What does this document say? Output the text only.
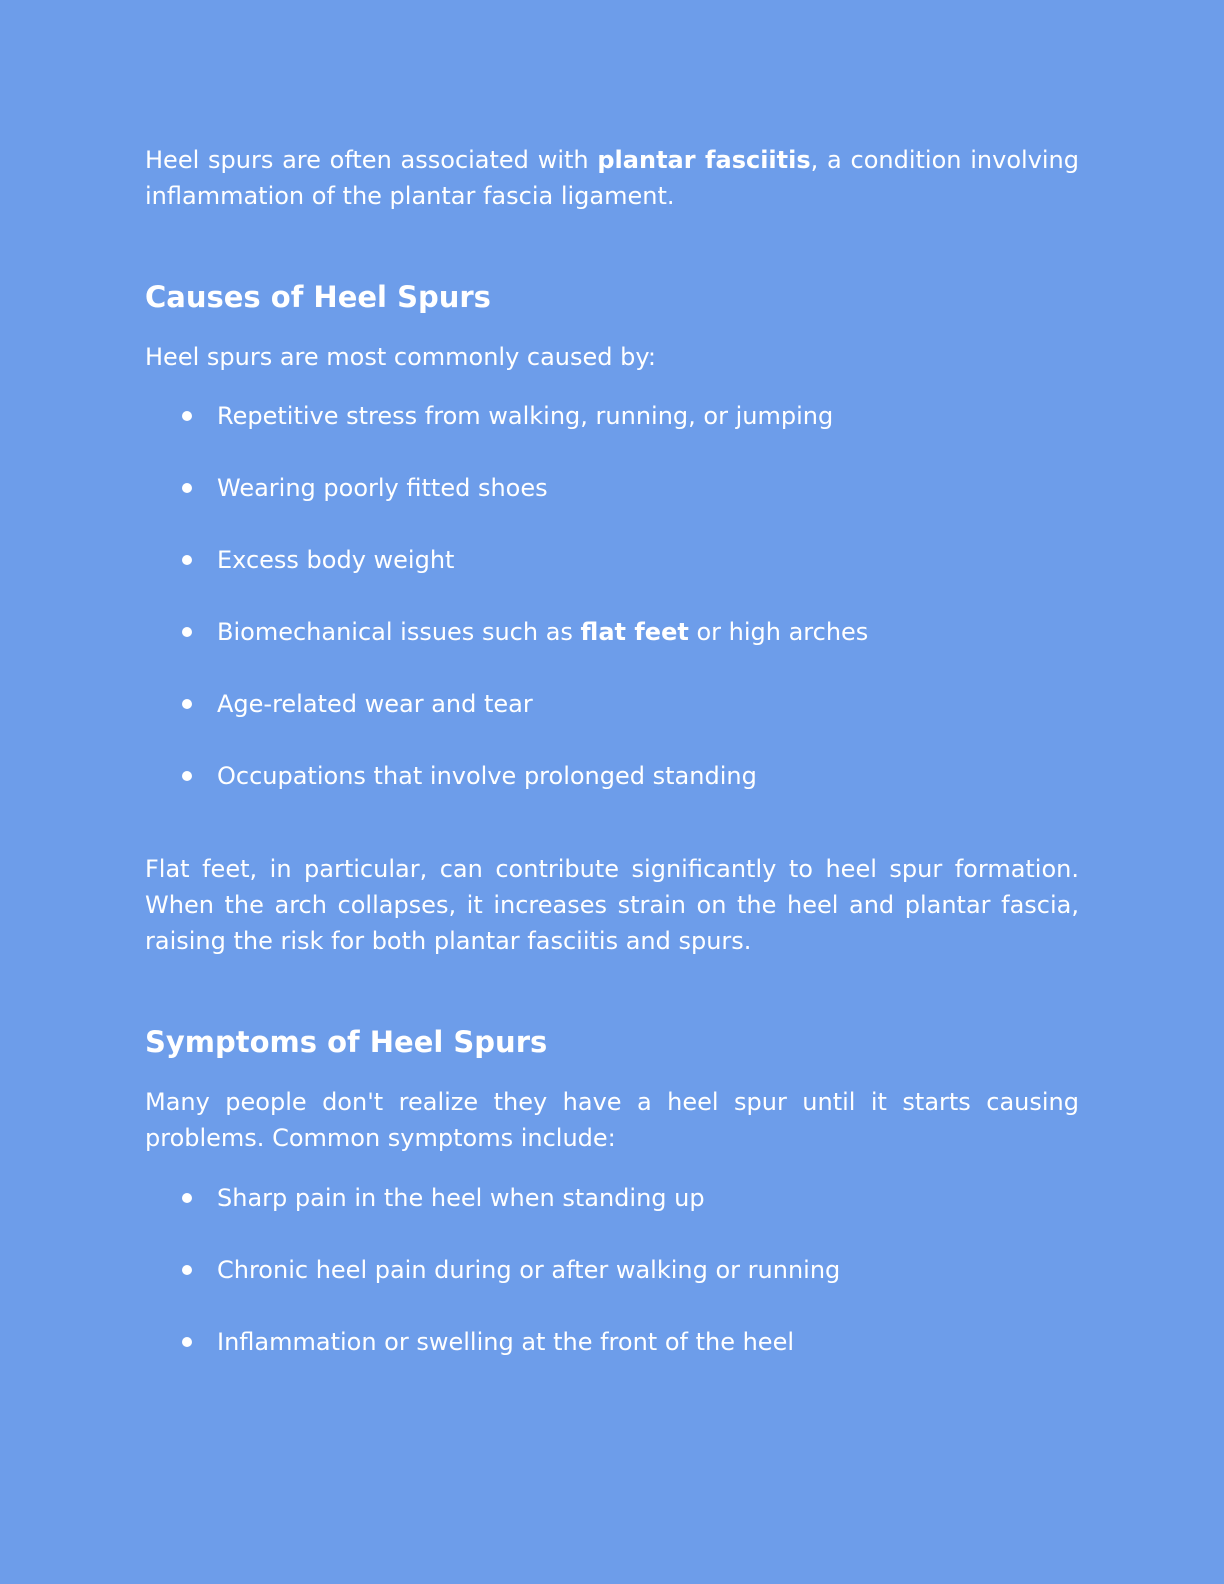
Heel spurs are often associated with plantar fasciitis, a condition involving inflammation of the plantar fascia ligament.

Causes of Heel Spurs

Heel spurs are most commonly caused by:

Repetitive stress from walking, running, or jumping
Wearing poorly fitted shoes
Excess body weight
Biomechanical issues such as flat feet or high arches
Age-related wear and tear
Occupations that involve prolonged standing

Flat feet, in particular, can contribute significantly to heel spur formation. When the arch collapses, it increases strain on the heel and plantar fascia, raising the risk for both plantar fasciitis and spurs.

Symptoms of Heel Spurs

Many people don't realize they have a heel spur until it starts causing problems. Common symptoms include:

Sharp pain in the heel when standing up
Chronic heel pain during or after walking or running
Inflammation or swelling at the front of the heel
